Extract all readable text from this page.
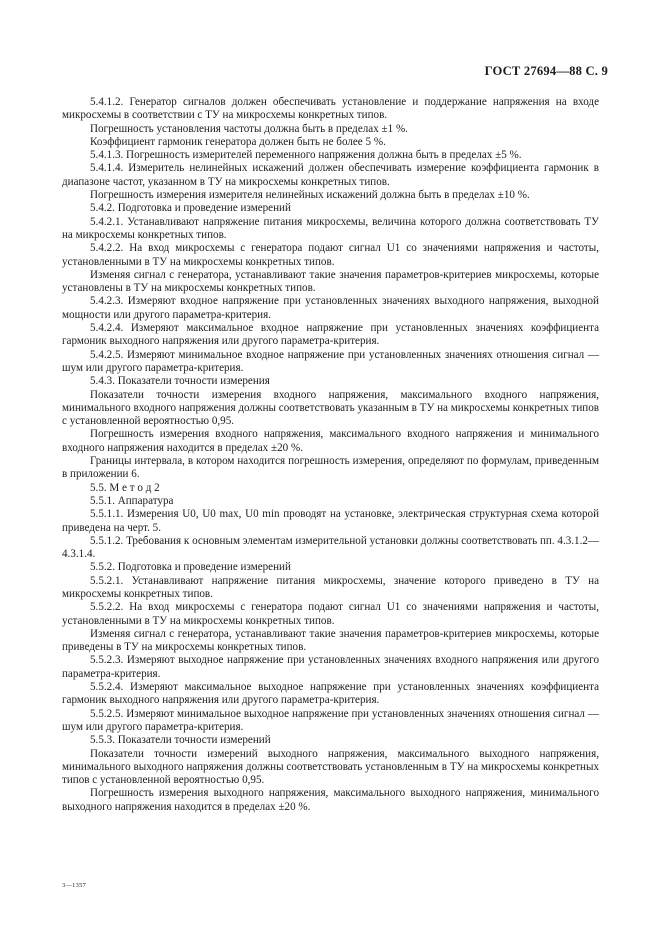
ГОСТ 27694—88 С. 9

5.4.1.2. Генератор сигналов должен обеспечивать установление и поддержание напряжения на входе микросхемы в соответствии с ТУ на микросхемы конкретных типов.

Погрешность установления частоты должна быть в пределах ±1 %.

Коэффициент гармоник генератора должен быть не более 5 %.

5.4.1.3. Погрешность измерителей переменного напряжения должна быть в пределах ±5 %.

5.4.1.4. Измеритель нелинейных искажений должен обеспечивать измерение коэффициента гармоник в диапазоне частот, указанном в ТУ на микросхемы конкретных типов.

Погрешность измерения измерителя нелинейных искажений должна быть в пределах ±10 %.

5.4.2. Подготовка и проведение измерений

5.4.2.1. Устанавливают напряжение питания микросхемы, величина которого должна соответствовать ТУ на микросхемы конкретных типов.

5.4.2.2. На вход микросхемы с генератора подают сигнал U1 со значениями напряжения и частоты, установленными в ТУ на микросхемы конкретных типов.

Изменяя сигнал с генератора, устанавливают такие значения параметров-критериев микросхемы, которые установлены в ТУ на микросхемы конкретных типов.

5.4.2.3. Измеряют входное напряжение при установленных значениях выходного напряжения, выходной мощности или другого параметра-критерия.

5.4.2.4. Измеряют максимальное входное напряжение при установленных значениях коэффициента гармоник выходного напряжения или другого параметра-критерия.

5.4.2.5. Измеряют минимальное входное напряжение при установленных значениях отношения сигнал — шум или другого параметра-критерия.

5.4.3. Показатели точности измерения

Показатели точности измерения входного напряжения, максимального входного напряжения, минимального входного напряжения должны соответствовать указанным в ТУ на микросхемы конкретных типов с установленной вероятностью 0,95.

Погрешность измерения входного напряжения, максимального входного напряжения и минимального входного напряжения находится в пределах ±20 %.

Границы интервала, в котором находится погрешность измерения, определяют по формулам, приведенным в приложении 6.

5.5. М е т о д 2

5.5.1. Аппаратура

5.5.1.1. Измерения U0, U0 max, U0 min проводят на установке, электрическая структурная схема которой приведена на черт. 5.

5.5.1.2. Требования к основным элементам измерительной установки должны соответствовать пп. 4.3.1.2—4.3.1.4.

5.5.2. Подготовка и проведение измерений

5.5.2.1. Устанавливают напряжение питания микросхемы, значение которого приведено в ТУ на микросхемы конкретных типов.

5.5.2.2. На вход микросхемы с генератора подают сигнал U1 со значениями напряжения и частоты, установленными в ТУ на микросхемы конкретных типов.

Изменяя сигнал с генератора, устанавливают такие значения параметров-критериев микросхемы, которые приведены в ТУ на микросхемы конкретных типов.

5.5.2.3. Измеряют выходное напряжение при установленных значениях входного напряжения или другого параметра-критерия.

5.5.2.4. Измеряют максимальное выходное напряжение при установленных значениях коэффициента гармоник выходного напряжения или другого параметра-критерия.

5.5.2.5. Измеряют минимальное выходное напряжение при установленных значениях отношения сигнал — шум или другого параметра-критерия.

5.5.3. Показатели точности измерений

Показатели точности измерений выходного напряжения, максимального выходного напряжения, минимального выходного напряжения должны соответствовать установленным в ТУ на микросхемы конкретных типов с установленной вероятностью 0,95.

Погрешность измерения выходного напряжения, максимального выходного напряжения, минимального выходного напряжения находится в пределах ±20 %.

3—1357
